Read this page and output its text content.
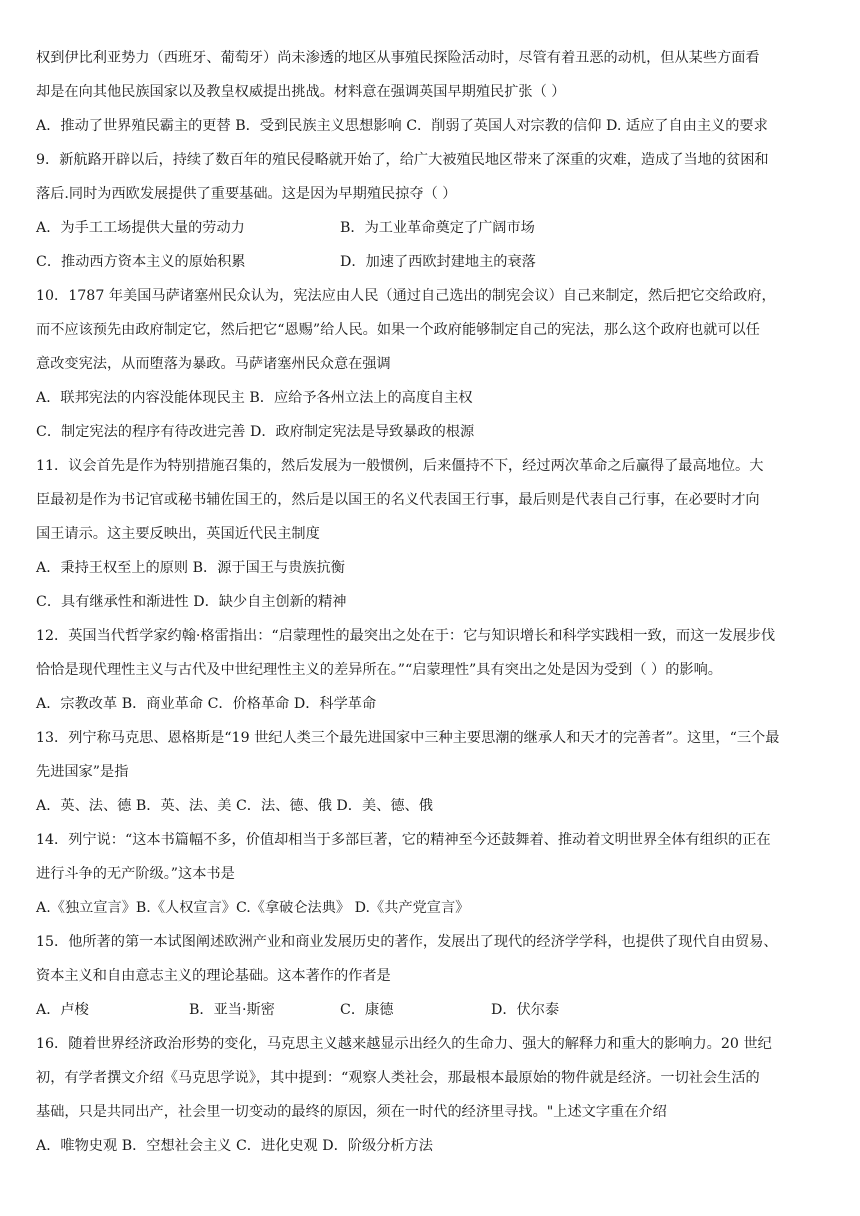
权到伊比利亚势力（西班牙、葡萄牙）尚未渗透的地区从事殖民探险活动时，尽管有着丑恶的动机，但从某些方面看
却是在向其他民族国家以及教皇权威提出挑战。材料意在强调英国早期殖民扩张（ ）
A．推动了世界殖民霸主的更替 B．受到民族主义思想影响 C．削弱了英国人对宗教的信仰 D. 适应了自由主义的要求
9．新航路开辟以后，持续了数百年的殖民侵略就开始了，给广大被殖民地区带来了深重的灾难，造成了当地的贫困和
落后.同时为西欧发展提供了重要基础。这是因为早期殖民掠夺（ ）
A．为手工工场提供大量的劳动力	B．为工业革命奠定了广阔市场
C．推动西方资本主义的原始积累	D．加速了西欧封建地主的衰落
10．1787 年美国马萨诸塞州民众认为，宪法应由人民（通过自己选出的制宪会议）自己来制定，然后把它交给政府，
而不应该预先由政府制定它，然后把它“恩赐”给人民。如果一个政府能够制定自己的宪法，那么这个政府也就可以任
意改变宪法，从而堕落为暴政。马萨诸塞州民众意在强调
A．联邦宪法的内容没能体现民主 B．应给予各州立法上的高度自主权
C．制定宪法的程序有待改进完善 D．政府制定宪法是导致暴政的根源
11．议会首先是作为特别措施召集的，然后发展为一般惯例，后来僵持不下，经过两次革命之后赢得了最高地位。大
臣最初是作为书记官或秘书辅佐国王的，然后是以国王的名义代表国王行事，最后则是代表自己行事，在必要时才向
国王请示。这主要反映出，英国近代民主制度
A．秉持王权至上的原则 B．源于国王与贵族抗衡
C．具有继承性和渐进性 D．缺少自主创新的精神
12．英国当代哲学家约翰·格雷指出：“启蒙理性的最突出之处在于：它与知识增长和科学实践相一致，而这一发展步伐
恰恰是现代理性主义与古代及中世纪理性主义的差异所在。”“启蒙理性”具有突出之处是因为受到（ ）的影响。
A．宗教改革 B．商业革命 C．价格革命 D．科学革命
13．列宁称马克思、恩格斯是“19 世纪人类三个最先进国家中三种主要思潮的继承人和天才的完善者”。这里，“三个最
先进国家”是指
A．英、法、德 B．英、法、美 C．法、德、俄 D．美、德、俄
14．列宁说：“这本书篇幅不多，价值却相当于多部巨著，它的精神至今还鼓舞着、推动着文明世界全体有组织的正在
进行斗争的无产阶级。”这本书是
A.《独立宣言》B.《人权宣言》C.《拿破仑法典》 D.《共产党宣言》
15．他所著的第一本试图阐述欧洲产业和商业发展历史的著作，发展出了现代的经济学学科，也提供了现代自由贸易、
资本主义和自由意志主义的理论基础。这本著作的作者是
A．卢梭	B．亚当·斯密	C．康德	D．伏尔泰
16．随着世界经济政治形势的变化，马克思主义越来越显示出经久的生命力、强大的解释力和重大的影响力。20 世纪
初，有学者撰文介绍《马克思学说》，其中提到：“观察人类社会，那最根本最原始的物件就是经济。一切社会生活的
基础，只是共同出产，社会里一切变动的最终的原因，须在一时代的经济里寻找。"上述文字重在介绍
A．唯物史观 B．空想社会主义 C．进化史观 D．阶级分析方法
